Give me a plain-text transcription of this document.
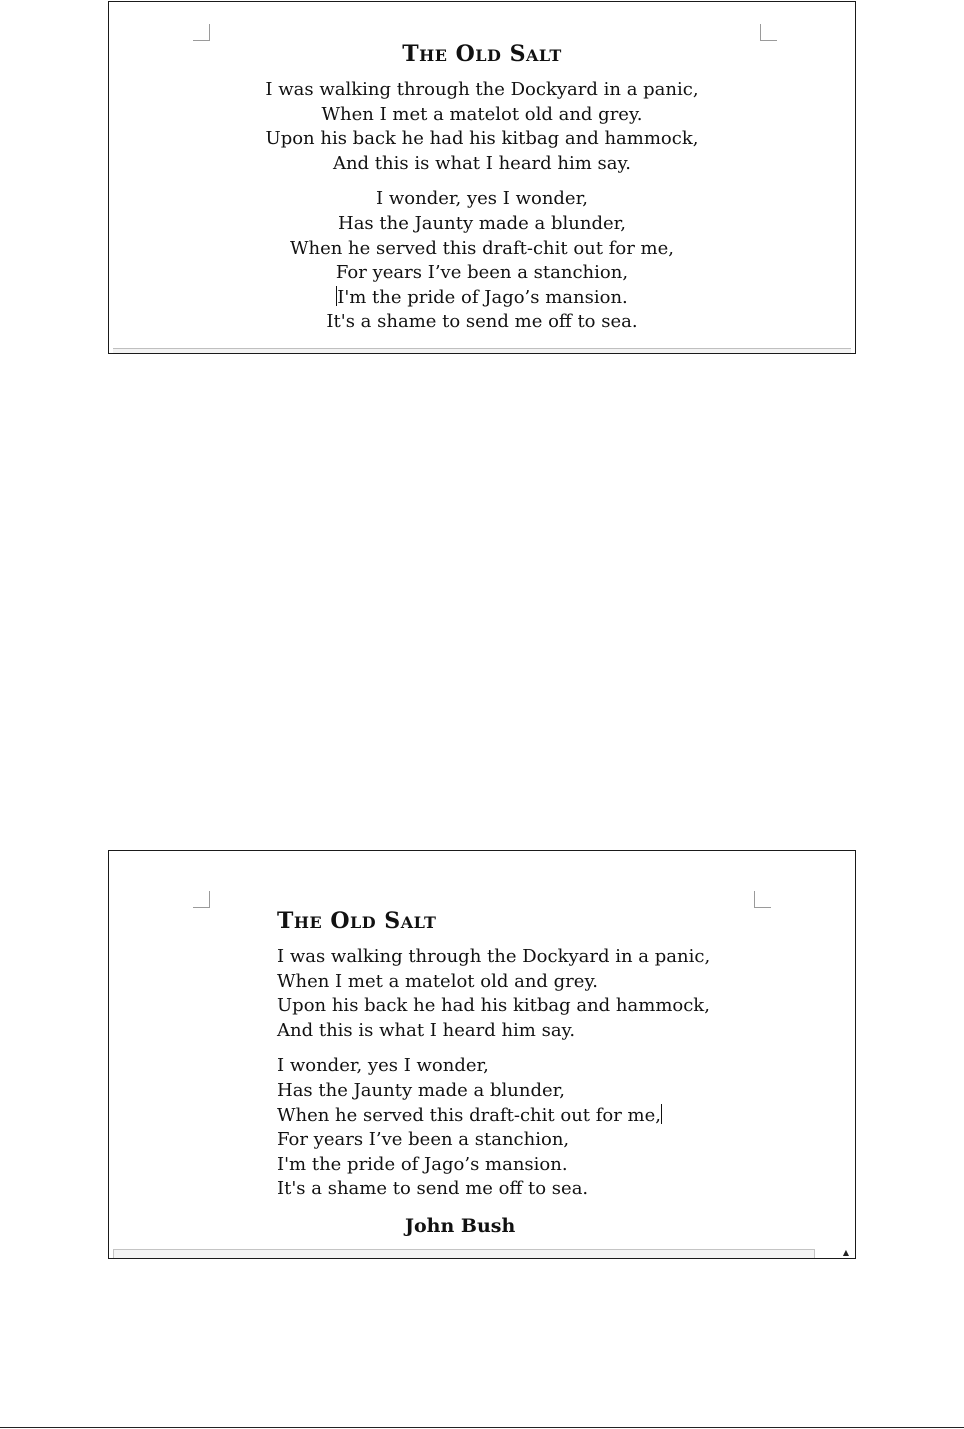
THE OLD SALT

I was walking through the Dockyard in a panic,
When I met a matelot old and grey.
Upon his back he had his kitbag and hammock,
And this is what I heard him say.
I wonder, yes I wonder,
Has the Jaunty made a blunder,
When he served this draft-chit out for me,
For years I’ve been a stanchion,
I'm the pride of Jago’s mansion.
It's a shame to send me off to sea.

THE OLD SALT

I was walking through the Dockyard in a panic,
When I met a matelot old and grey.
Upon his back he had his kitbag and hammock,
And this is what I heard him say.
I wonder, yes I wonder,
Has the Jaunty made a blunder,
When he served this draft-chit out for me,
For years I’ve been a stanchion,
I'm the pride of Jago’s mansion.
It's a shame to send me off to sea.
John Bush
▲
